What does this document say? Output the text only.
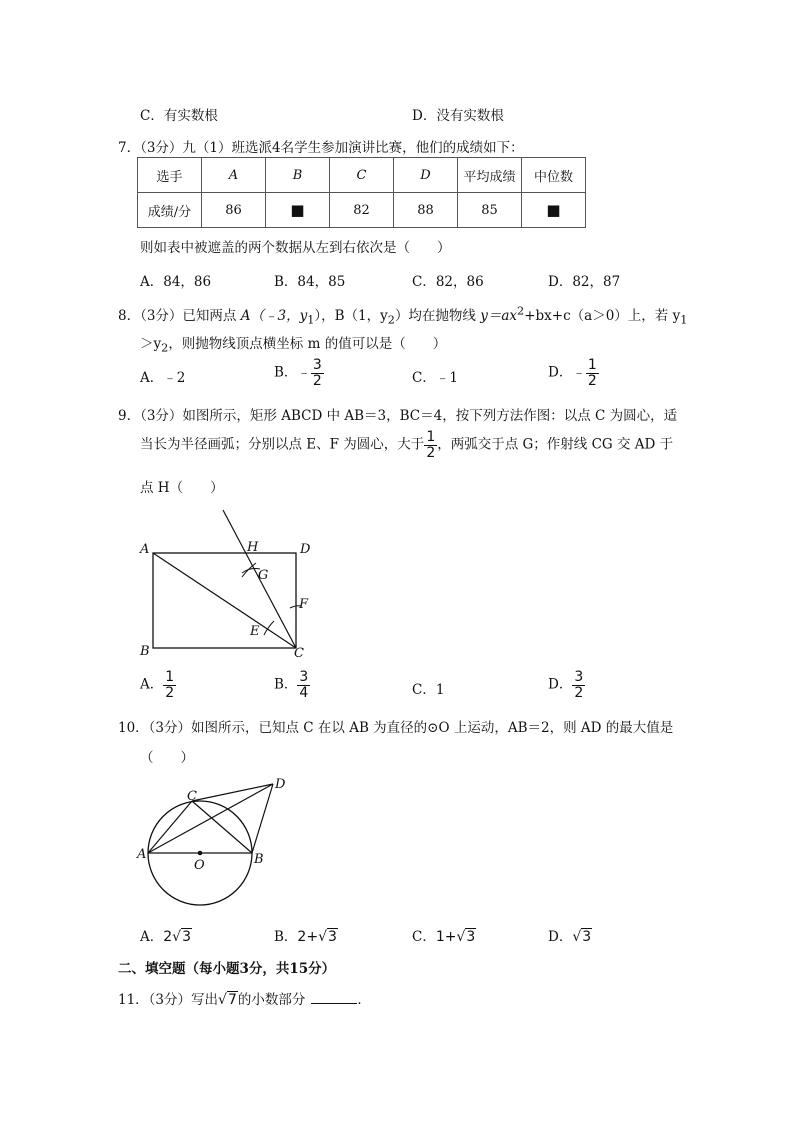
C．有实数根	D．没有实数根
7．（3分）九（1）班选派4名学生参加演讲比赛，他们的成绩如下：
选手	A	B	C	D	平均成绩	中位数
成绩/分	86	■	82	88	85	■
则如表中被遮盖的两个数据从左到右依次是（　　）
A．84，86	B．84，85	C．82，86	D．82，87
8．（3分）已知两点 A（﹣3，$y_1$），B（1，$y_2$）均在抛物线 $y=ax^2+bx+c(a>0)$上，若 $y_1$
$>y_2$，则抛物线顶点横坐标 m 的值可以是（　　）
A．﹣2	B．﹣ $\frac{3}{2}$	C．﹣1	D．﹣ $\frac{1}{2}$
9．（3分）如图所示，矩形 ABCD 中 AB＝3，BC＝4，按下列方法作图：以点 C 为圆心，适
当长为半径画弧；分别以点 E、F 为圆心，大于 $\frac{1}{2}$ ，两弧交于点 G；作射线 CG 交 AD 于
点 H（　　）
A	H	D
G
F
E
B	C
A． $\frac{1}{2}$	B． $\frac{3}{4}$	C．1	D． $\frac{3}{2}$
10．（3分）如图所示，已知点 C 在以 AB 为直径的⊙O 上运动，AB＝2，则 AD 的最大值是
（　　）
C
D
A	B
O
A．2√3	B．2+√3	C．1+√3	D．√3
二、填空题（每小题3分，共15分）
11．（3分）写出√7的小数部分	．
